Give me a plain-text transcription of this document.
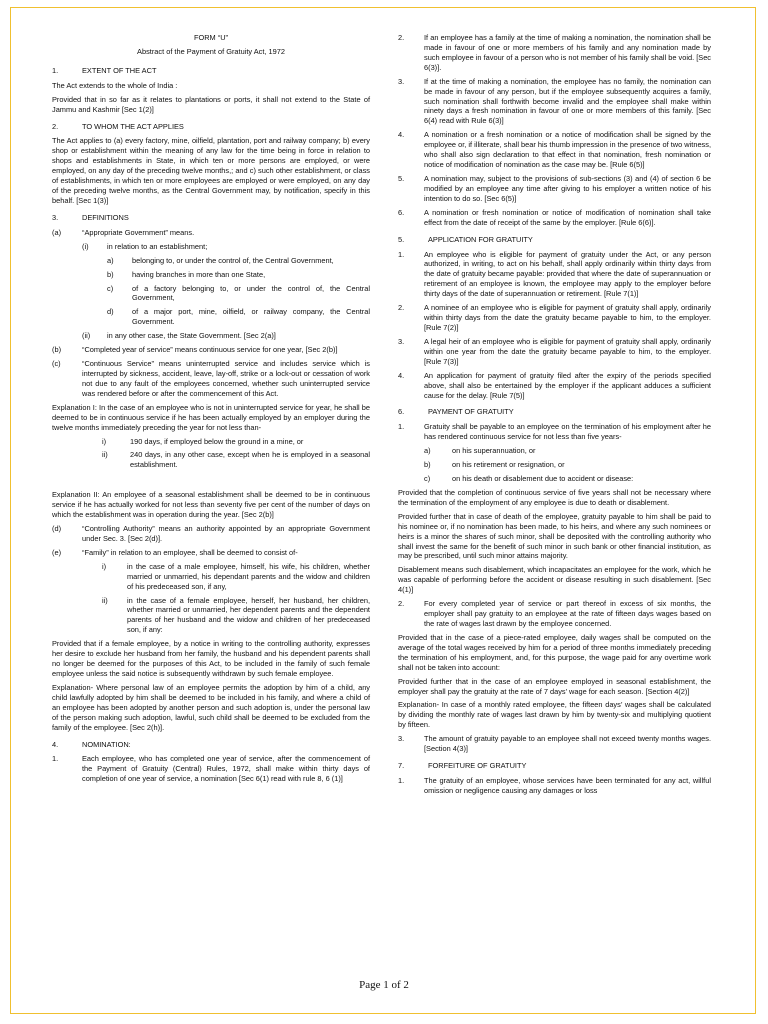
FORM “U”

Abstract of the Payment of Gratuity Act, 1972

1.	EXTENT OF THE ACT

The Act extends to the whole of India :

Provided that in so far as it relates to plantations or ports, it shall not extend to the State of Jammu and Kashmir [Sec 1(2)]

2.	TO WHOM THE ACT APPLIES

The Act applies to (a) every factory, mine, oilfield, plantation, port and railway company; b) every shop or establishment within the meaning of any law for the time being in force in relation to shops and establishments in State, in which ten or more persons are employed, or were employed, on any day of the preceding twelve months,; and c) such other establishment, or class of establishments, in which ten or more employees are employed or were employed, on any day of the preceding twelve months, as the Central Government may, by notification, specify in this behalf. [Sec 1(3)]

3.	DEFINITIONS
(a)	“Appropriate Government” means.
(i)	in relation to an establishment;
a)	belonging to, or under the control of, the Central Government,
b)	having branches in more than one State,
c)	of a factory belonging to, or under the control of, the Central Government,
d)	of a major port, mine, oilfield, or railway company, the Central Government.
(ii)	in any other case, the State Government. [Sec 2(a)]
(b)	“Completed year of service” means continuous service for one year, [Sec 2(b)]
(c)	“Continuous Service” means uninterrupted service and includes service which is interrupted by sickness, accident, leave, lay-off, strike or a lock-out or cessation of work not due to any fault of the employees concerned, whether such uninterrupted service was rendered before or after the commencement of this Act.

Explanation I: In the case of an employee who is not in uninterrupted service for year, he shall be deemed to be in continuous service if he has been actually employed by an employer during the twelve months immediately preceding the year for not less than-

i)	190 days, if employed below the ground in a mine, or
ii)	240 days, in any other case, except when he is employed in a seasonal establishment.

Explanation II: An employee of a seasonal establishment shall be deemed to be in continuous service if he has actually worked for not less than seventy five per cent of the number of days on which the establishment was in operation during the year. [Sec 2(b)]

(d)	“Controlling Authority” means an authority appointed by an appropriate Government under Sec. 3. [Sec 2(d)].
(e)	“Family” in relation to an employee, shall be deemed to consist of-
i)	in the case of a male employee, himself, his wife, his children, whether married or unmarried, his dependant parents and the widow and children of his predeceased son, if any,
ii)	in the case of a female employee, herself, her husband, her children, whether married or unmarried, her dependent parents and the dependent parents of her husband and the widow and children of her predeceased son, if any:

Provided that if a female employee, by a notice in writing to the controlling authority, expresses her desire to exclude her husband from her family, the husband and his dependent parents shall no longer be deemed for the purposes of this Act, to be included in the family of such female employee unless the said notice is subsequently withdrawn by such female employee.

Explanation- Where personal law of an employee permits the adoption by him of a child, any child lawfully adopted by him shall be deemed to be included in his family, and where a child of an employee has been adopted by another person and such adoption is, under the personal law of the person making such adoption, lawful, such child shall be deemed to be excluded from the family of the employee. [Sec 2(h)].

4.	NOMINATION:
1.	Each employee, who has completed one year of service, after the commencement of the Payment of Gratuity (Central) Rules, 1972, shall make within thirty days of completion of one year of service, a nomination [Sec 6(1) read with rule 8, 6 (1)]
2.	If an employee has a family at the time of making a nomination, the nomination shall be made in favour of one or more members of his family and any nomination made by such employee in favour of a person who is not member of his family shall be void. [Sec 6(3)].
3.	If at the time of making a nomination, the employee has no family, the nomination can be made in favour of any person, but if the employee subsequently acquires a family, such nomination shall forthwith become invalid and the employee shall make within ninety days a fresh nomination in favour of one or more members of this family. [Sec 6(4) read with Rule 6(3)]
4.	A nomination or a fresh nomination or a notice of modification shall be signed by the employee or, if illiterate, shall bear his thumb impression in the presence of two witness, who shall also sign declaration to that effect in that nomination, fresh nomination or notice of modification of nomination as the case may be. [Rule 6(5)]
5.	A nomination may, subject to the provisions of sub-sections (3) and (4) of section 6 be modified by an employee any time after giving to his employer a written notice of his intention to do so. [Sec 6(5)]
6.	A nomination or fresh nomination or notice of modification of nomination shall take effect from the date of receipt of the same by the employer. [Rule 6(6)].
5.	APPLICATION FOR GRATUITY
1.	An employee who is eligible for payment of gratuity under the Act, or any person authorized, in writing, to act on his behalf, shall apply ordinarily within thirty days from the date of gratuity became payable: provided that where the date of superannuation or retirement of an employee is known, the employee may apply to the employer before thirty days of the date of superannuation or retirement. [Rule 7(1)]
2.	A nominee of an employee who is eligible for payment of gratuity shall apply, ordinarily within thirty days from the date the gratuity became payable to him, to the employer. [Rule 7(2)]
3.	A legal heir of an employee who is eligible for payment of gratuity shall apply, ordinarily within one year from the date the gratuity became payable to him, to the employer. [Rule 7(3)]
4.	An application for payment of gratuity filed after the expiry of the periods specified above, shall also be entertained by the employer if the applicant adduces a sufficient cause for the delay. [Rule 7(5)]
6.	PAYMENT OF GRATUITY
1.	Gratuity shall be payable to an employee on the termination of his employment after he has rendered continuous service for not less than five years-
a)	on his superannuation, or
b)	on his retirement or resignation, or
c)	on his death or disablement due to accident or disease:

Provided that the completion of continuous service of five years shall not be necessary where the termination of the employment of any employee is due to death or disablement.

Provided further that in case of death of the employee, gratuity payable to him shall be paid to his nominee or, if no nomination has been made, to his heirs, and where any such nominees or heirs is a minor the shares of such minor, shall be deposited with the controlling authority who shall invest the same for the benefit of such minor in such bank or other financial institution, as may be prescribed, until such minor attains majority.

Disablement means such disablement, which incapacitates an employee for the work, which he was capable of performing before the accident or disease resulting in such disablement. [Sec 4(1)]

2.	For every completed year of service or part thereof in excess of six months, the employer shall pay gratuity to an employee at the rate of fifteen days wages based on the rate of wages last drawn by the employee concerned.

Provided that in the case of a piece-rated employee, daily wages shall be computed on the average of the total wages received by him for a period of three months immediately preceding the termination of his employment, and, for this purpose, the wage paid for any overtime work shall not be taken into account:

Provided further that in the case of an employee employed in seasonal establishment, the employer shall pay the gratuity at the rate of 7 days’ wage for each season. [Section 4(2)]

Explanation- In case of a monthly rated employee, the fifteen days’ wages shall be calculated by dividing the monthly rate of wages last drawn by him by twenty-six and multiplying quotient by fifteen.

3.	The amount of gratuity payable to an employee shall not exceed twenty months wages. [Section 4(3)]
7.	FORFEITURE OF GRATUITY
1.	The gratuity of an employee, whose services have been terminated for any act, willful omission or negligence causing any damages or loss
Page 1 of 2
